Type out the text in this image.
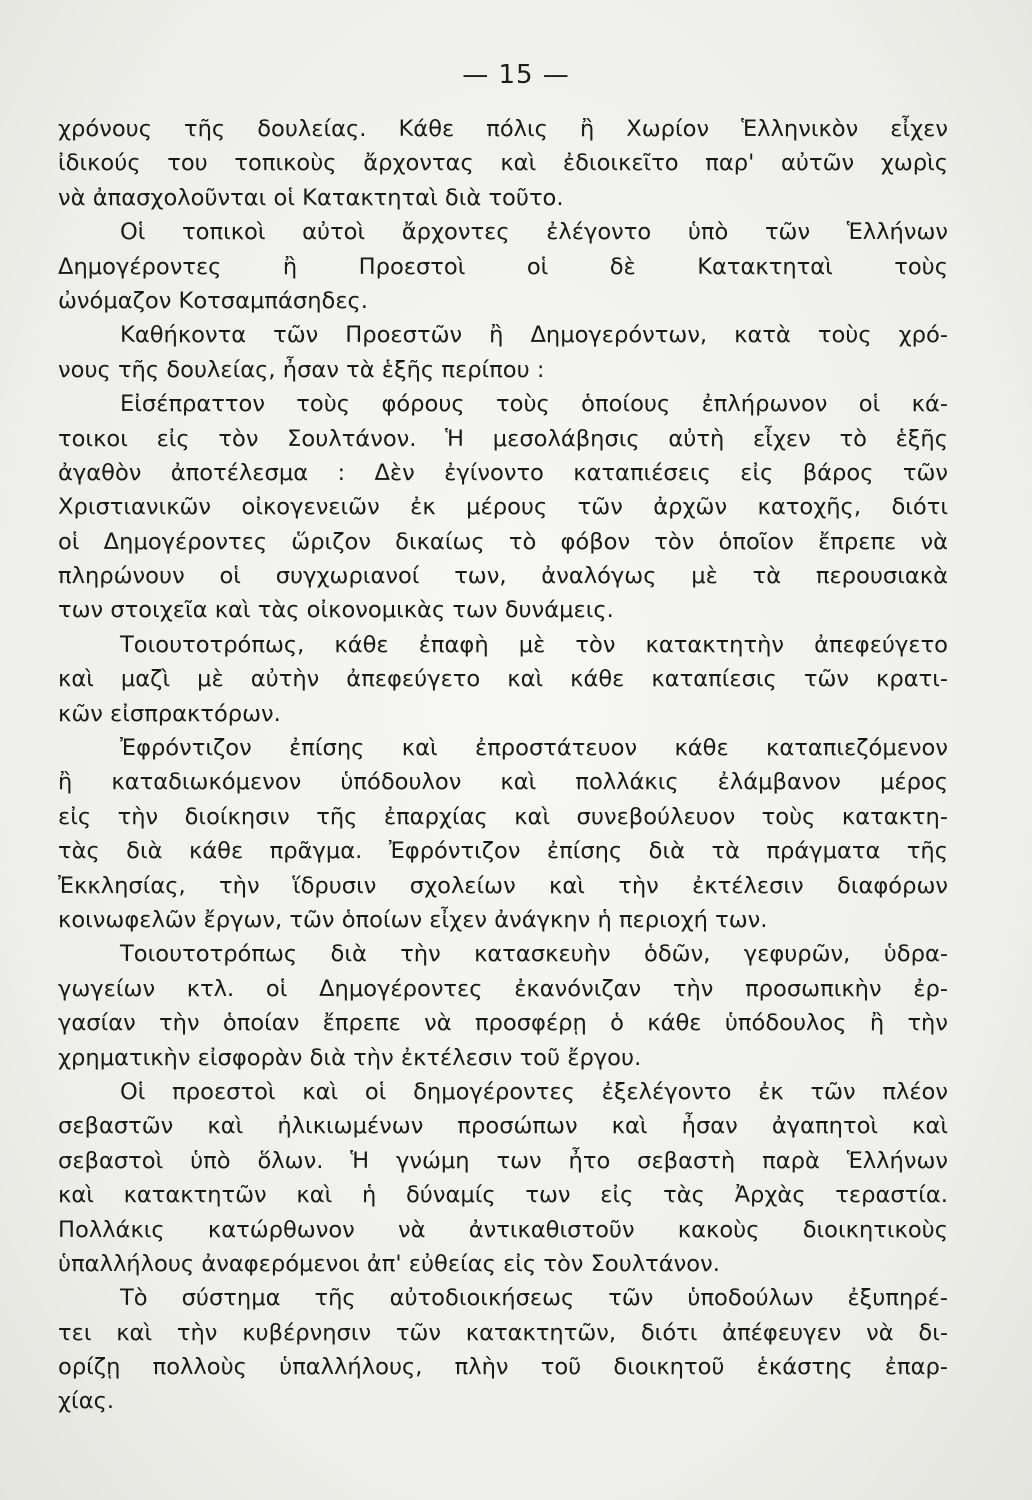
— 15 —
χρόνους τῆς δουλείας. Κάθε πόλις ἢ Χωρίον Ἑλληνικὸν εἶχεν
ἰδικούς του τοπικοὺς ἄρχοντας καὶ ἐδιοικεῖτο παρ' αὐτῶν χωρὶς
νὰ ἀπασχολοῦνται οἱ Κατακτηταὶ διὰ τοῦτο.
Οἱ τοπικοὶ αὐτοὶ ἄρχοντες ἐλέγοντο ὑπὸ τῶν Ἑλλήνων
Δημογέροντες ἢ Προεστοὶ οἱ δὲ Κατακτηταὶ τοὺς
ὠνόμαζον Κοτσαμπάσηδες.
Καθήκοντα τῶν Προεστῶν ἢ Δημογερόντων, κατὰ τοὺς χρό-
νους τῆς δουλείας, ἦσαν τὰ ἑξῆς περίπου :
Εἰσέπραττον τοὺς φόρους τοὺς ὁποίους ἐπλήρωνον οἱ κά-
τοικοι εἰς τὸν Σουλτάνον. Ἡ μεσολάβησις αὐτὴ εἶχεν τὸ ἑξῆς
ἀγαθὸν ἀποτέλεσμα : Δὲν ἐγίνοντο καταπιέσεις εἰς βάρος τῶν
Χριστιανικῶν οἰκογενειῶν ἐκ μέρους τῶν ἀρχῶν κατοχῆς, διότι
οἱ Δημογέροντες ὥριζον δικαίως τὸ φόβον τὸν ὁποῖον ἔπρεπε νὰ
πληρώνουν οἱ συγχωριανοί των, ἀναλόγως μὲ τὰ περουσιακὰ
των στοιχεῖα καὶ τὰς οἰκονομικὰς των δυνάμεις.
Τοιουτοτρόπως, κάθε ἐπαφὴ μὲ τὸν κατακτητὴν ἀπεφεύγετο
καὶ μαζὶ μὲ αὐτὴν ἀπεφεύγετο καὶ κάθε καταπίεσις τῶν κρατι-
κῶν εἰσπρακτόρων.
Ἐφρόντιζον ἐπίσης καὶ ἐπροστάτευον κάθε καταπιεζόμενον
ἢ καταδιωκόμενον ὑπόδουλον καὶ πολλάκις ἐλάμβανον μέρος
εἰς τὴν διοίκησιν τῆς ἐπαρχίας καὶ συνεβούλευον τοὺς κατακτη-
τὰς διὰ κάθε πρᾶγμα. Ἐφρόντιζον ἐπίσης διὰ τὰ πράγματα τῆς
Ἐκκλησίας, τὴν ἵδρυσιν σχολείων καὶ τὴν ἐκτέλεσιν διαφόρων
κοινωφελῶν ἔργων, τῶν ὁποίων εἶχεν ἀνάγκην ἡ περιοχή των.
Τοιουτοτρόπως διὰ τὴν κατασκευὴν ὁδῶν, γεφυρῶν, ὑδρα-
γωγείων κτλ. οἱ Δημογέροντες ἐκανόνιζαν τὴν προσωπικὴν ἐρ-
γασίαν τὴν ὁποίαν ἔπρεπε νὰ προσφέρῃ ὁ κάθε ὑπόδουλος ἢ τὴν
χρηματικὴν εἰσφορὰν διὰ τὴν ἐκτέλεσιν τοῦ ἔργου.
Οἱ προεστοὶ καὶ οἱ δημογέροντες ἐξελέγοντο ἐκ τῶν πλέον
σεβαστῶν καὶ ἠλικιωμένων προσώπων καὶ ἦσαν ἀγαπητοὶ καὶ
σεβαστοὶ ὑπὸ ὅλων. Ἡ γνώμη των ἦτο σεβαστὴ παρὰ Ἑλλήνων
καὶ κατακτητῶν καὶ ἡ δύναμίς των εἰς τὰς Ἀρχὰς τεραστία.
Πολλάκις κατώρθωνον νὰ ἀντικαθιστοῦν κακοὺς διοικητικοὺς
ὑπαλλήλους ἀναφερόμενοι ἀπ' εὐθείας εἰς τὸν Σουλτάνον.
Τὸ σύστημα τῆς αὐτοδιοικήσεως τῶν ὑποδούλων ἐξυπηρέ-
τει καὶ τὴν κυβέρνησιν τῶν κατακτητῶν, διότι ἀπέφευγεν νὰ δι-
ορίζῃ πολλοὺς ὑπαλλήλους, πλὴν τοῦ διοικητοῦ ἑκάστης ἐπαρ-
χίας.
